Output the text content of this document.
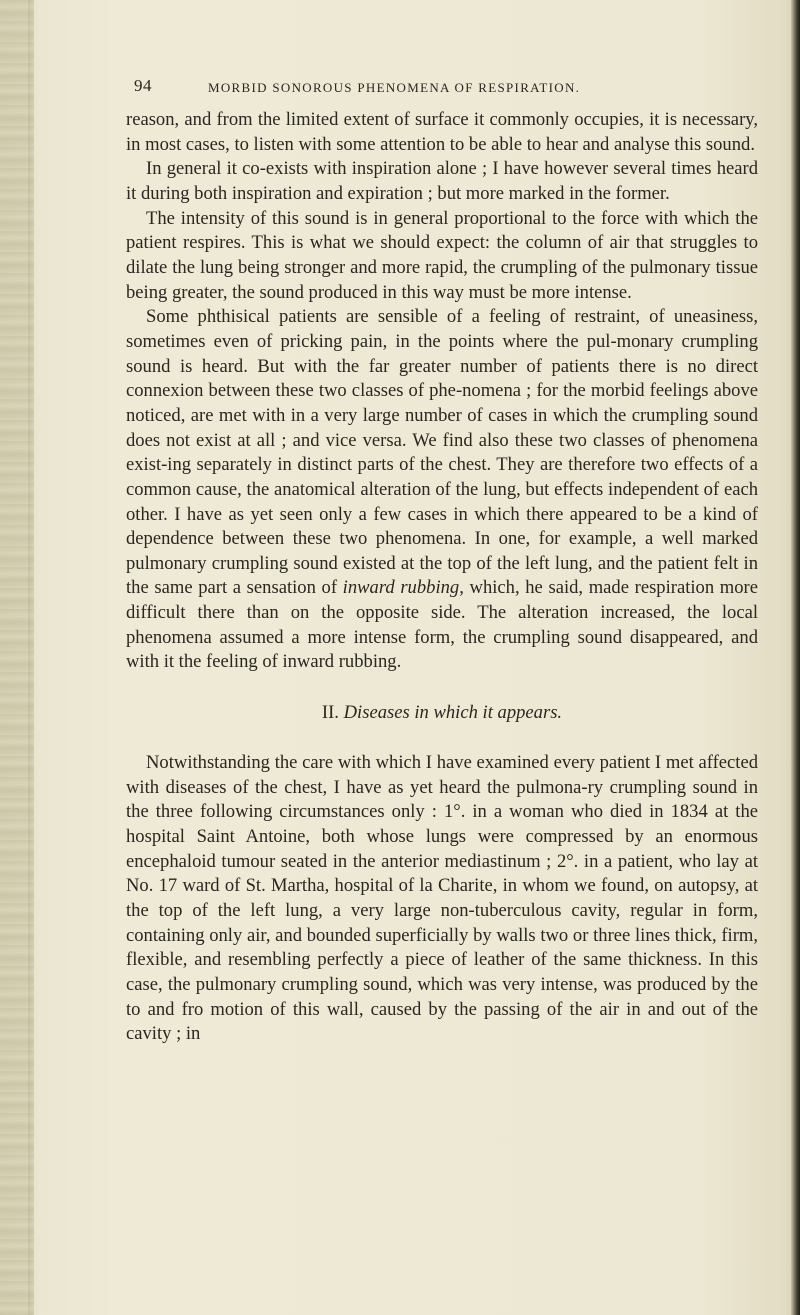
94	MORBID SONOROUS PHENOMENA OF RESPIRATION.

reason, and from the limited extent of surface it commonly occupies, it is necessary, in most cases, to listen with some attention to be able to hear and analyse this sound.

In general it co-exists with inspiration alone ; I have however several times heard it during both inspiration and expiration ; but more marked in the former.

The intensity of this sound is in general proportional to the force with which the patient respires. This is what we should expect: the column of air that struggles to dilate the lung being stronger and more rapid, the crumpling of the pulmonary tissue being greater, the sound produced in this way must be more intense.

Some phthisical patients are sensible of a feeling of restraint, of uneasiness, sometimes even of pricking pain, in the points where the pul-monary crumpling sound is heard. But with the far greater number of patients there is no direct connexion between these two classes of phe-nomena ; for the morbid feelings above noticed, are met with in a very large number of cases in which the crumpling sound does not exist at all ; and vice versa. We find also these two classes of phenomena exist-ing separately in distinct parts of the chest. They are therefore two effects of a common cause, the anatomical alteration of the lung, but effects independent of each other. I have as yet seen only a few cases in which there appeared to be a kind of dependence between these two phenomena. In one, for example, a well marked pulmonary crumpling sound existed at the top of the left lung, and the patient felt in the same part a sensation of inward rubbing, which, he said, made respiration more difficult there than on the opposite side. The alteration increased, the local phenomena assumed a more intense form, the crumpling sound disappeared, and with it the feeling of inward rubbing.

II. Diseases in which it appears.

Notwithstanding the care with which I have examined every patient I met affected with diseases of the chest, I have as yet heard the pulmona-ry crumpling sound in the three following circumstances only : 1°. in a woman who died in 1834 at the hospital Saint Antoine, both whose lungs were compressed by an enormous encephaloid tumour seated in the anterior mediastinum ; 2°. in a patient, who lay at No. 17 ward of St. Martha, hospital of la Charite, in whom we found, on autopsy, at the top of the left lung, a very large non-tuberculous cavity, regular in form, containing only air, and bounded superficially by walls two or three lines thick, firm, flexible, and resembling perfectly a piece of leather of the same thickness. In this case, the pulmonary crumpling sound, which was very intense, was produced by the to and fro motion of this wall, caused by the passing of the air in and out of the cavity ; in
